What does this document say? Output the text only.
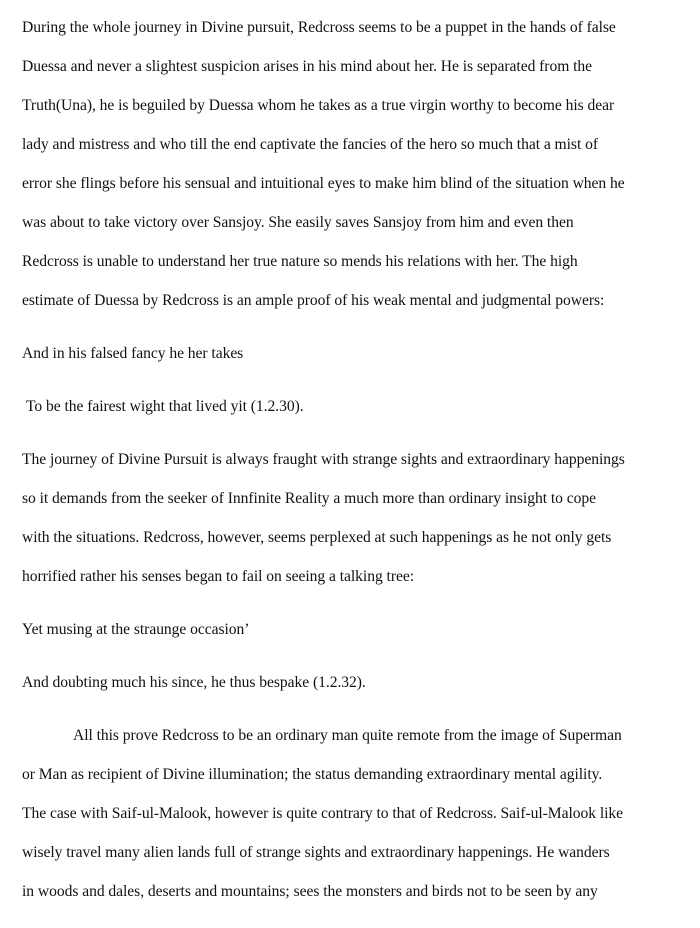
During the whole journey in Divine pursuit, Redcross seems to be a puppet in the hands of false
Duessa and never a slightest suspicion arises in his mind about her. He is separated from the
Truth(Una), he is beguiled by Duessa whom he takes as a true virgin worthy to become his dear
lady and mistress and who till the end captivate the fancies of the hero so much that a mist of
error she flings before his sensual and intuitional eyes to make him blind of the situation when he
was about to take victory over Sansjoy. She easily saves Sansjoy from him and even then
Redcross is unable to understand her true nature so mends his relations with her. The high
estimate of Duessa by Redcross is an ample proof of his weak mental and judgmental powers:
And in his falsed fancy he her takes
To be the fairest wight that lived yit (1.2.30).
The journey of Divine Pursuit is always fraught with strange sights and extraordinary happenings
so it demands from the seeker of Innfinite Reality a much more than ordinary insight to cope
with the situations. Redcross, however, seems perplexed at such happenings as he not only gets
horrified rather his senses began to fail on seeing a talking tree:
Yet musing at the straunge occasion’
And doubting much his since, he thus bespake (1.2.32).
All this prove Redcross to be an ordinary man quite remote from the image of Superman
or Man as recipient of Divine illumination; the status demanding extraordinary mental agility.
The case with Saif-ul-Malook, however is quite contrary to that of Redcross. Saif-ul-Malook like
wisely travel many alien lands full of strange sights and extraordinary happenings. He wanders
in woods and dales, deserts and mountains; sees the monsters and birds not to be seen by any
